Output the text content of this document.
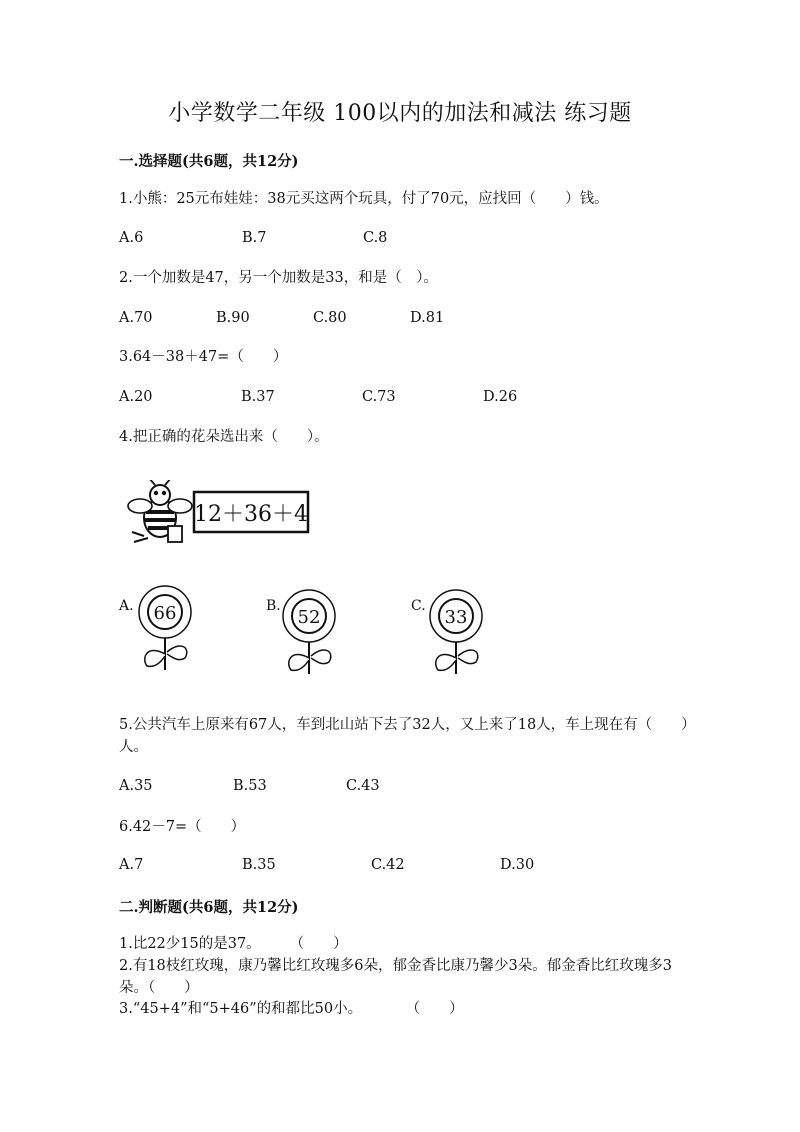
小学数学二年级 100以内的加法和减法 练习题
一.选择题(共6题，共12分)
1.小熊：25元布娃娃：38元买这两个玩具，付了70元，应找回（　　）钱。
A.6	B.7	C.8
2.一个加数是47，另一个加数是33，和是（　）。
A.70	B.90	C.80	D.81
3.64－38＋47=（　　）
A.20	B.37	C.73	D.26
4.把正确的花朵选出来（　　）。
12＋36＋4
A.	B.	C.
66	52	33
5.公共汽车上原来有67人，车到北山站下去了32人，又上来了18人，车上现在有（　　）人。
A.35	B.53	C.43
6.42－7=（　　）
A.7	B.35	C.42	D.30
二.判断题(共6题，共12分)
1.比22少15的是37。　　　（　　）
2.有18枝红玫瑰，康乃馨比红玫瑰多6朵，郁金香比康乃馨少3朵。郁金香比红玫瑰多3朵。（　　）
3.“45+4”和“5+46”的和都比50小。　　　　（　　）
